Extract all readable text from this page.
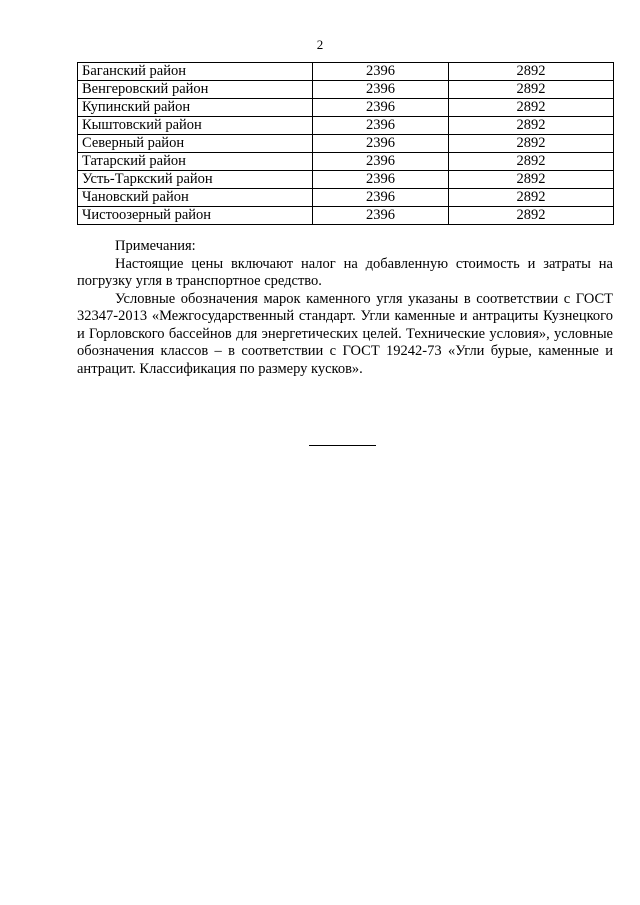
2
Баганский район	2396	2892
Венгеровский район	2396	2892
Купинский район	2396	2892
Кыштовский район	2396	2892
Северный район	2396	2892
Татарский район	2396	2892
Усть-Таркский район	2396	2892
Чановский район	2396	2892
Чистоозерный район	2396	2892

Примечания:

Настоящие цены включают налог на добавленную стоимость и затраты на погрузку угля в транспортное средство.

Условные обозначения марок каменного угля указаны в соответствии с ГОСТ 32347-2013 «Межгосударственный стандарт. Угли каменные и антрациты Кузнецкого и Горловского бассейнов для энергетических целей. Технические условия», условные обозначения классов – в соответствии с ГОСТ 19242-73 «Угли бурые, каменные и антрацит. Классификация по размеру кусков».
